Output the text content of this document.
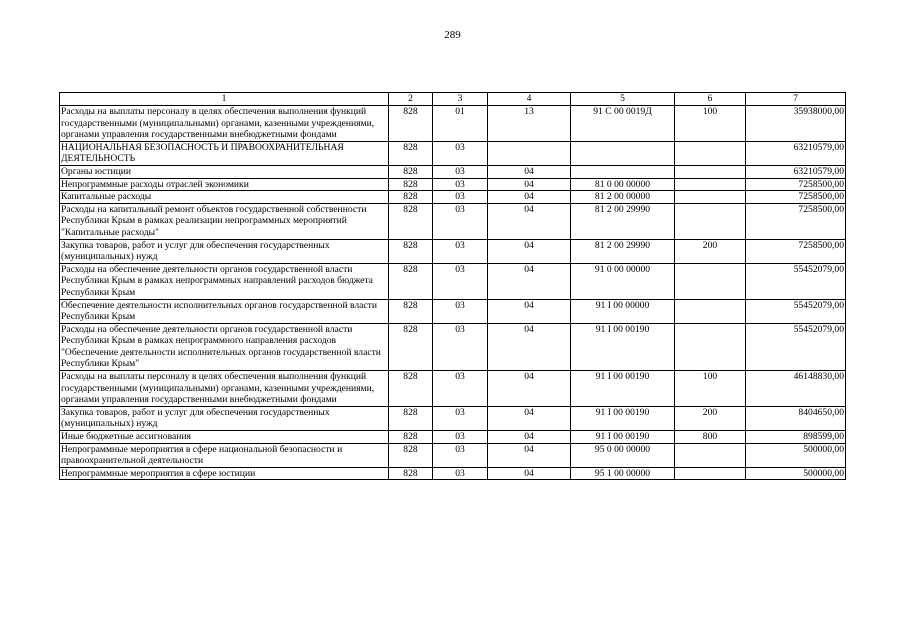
289
1	2	3	4	5	6	7
Расходы на выплаты персоналу в целях обеспечения выполнения функций государственными (муниципальными) органами, казенными учреждениями, органами управления государственными внебюджетными фондами	828	01	13	91 С 00 0019Д	100	35938000,00
НАЦИОНАЛЬНАЯ БЕЗОПАСНОСТЬ И ПРАВООХРАНИТЕЛЬНАЯ ДЕЯТЕЛЬНОСТЬ	828	03				63210579,00
Органы юстиции	828	03	04			63210579,00
Непрограммные расходы отраслей экономики	828	03	04	81 0 00 00000		7258500,00
Капитальные расходы	828	03	04	81 2 00 00000		7258500,00
Расходы на капитальный ремонт объектов государственной собственности Республики Крым в рамках реализации непрограммных мероприятий "Капитальные расходы"	828	03	04	81 2 00 29990		7258500,00
Закупка товаров, работ и услуг для обеспечения государственных (муниципальных) нужд	828	03	04	81 2 00 29990	200	7258500,00
Расходы на обеспечение деятельности органов государственной власти Республики Крым в рамках непрограммных направлений расходов бюджета Республики Крым	828	03	04	91 0 00 00000		55452079,00
Обеспечение деятельности исполнительных органов государственной власти Республики Крым	828	03	04	91 I 00 00000		55452079,00
Расходы на обеспечение деятельности органов государственной власти Республики Крым в рамках непрограммного направления расходов "Обеспечение деятельности исполнительных органов государственной власти Республики Крым"	828	03	04	91 I 00 00190		55452079,00
Расходы на выплаты персоналу в целях обеспечения выполнения функций государственными (муниципальными) органами, казенными учреждениями, органами управления государственными внебюджетными фондами	828	03	04	91 I 00 00190	100	46148830,00
Закупка товаров, работ и услуг для обеспечения государственных (муниципальных) нужд	828	03	04	91 I 00 00190	200	8404650,00
Иные бюджетные ассигнования	828	03	04	91 I 00 00190	800	898599,00
Непрограммные мероприятия в сфере национальной безопасности и правоохранительной деятельности	828	03	04	95 0 00 00000		500000,00
Непрограммные мероприятия в сфере юстиции	828	03	04	95 1 00 00000		500000,00
